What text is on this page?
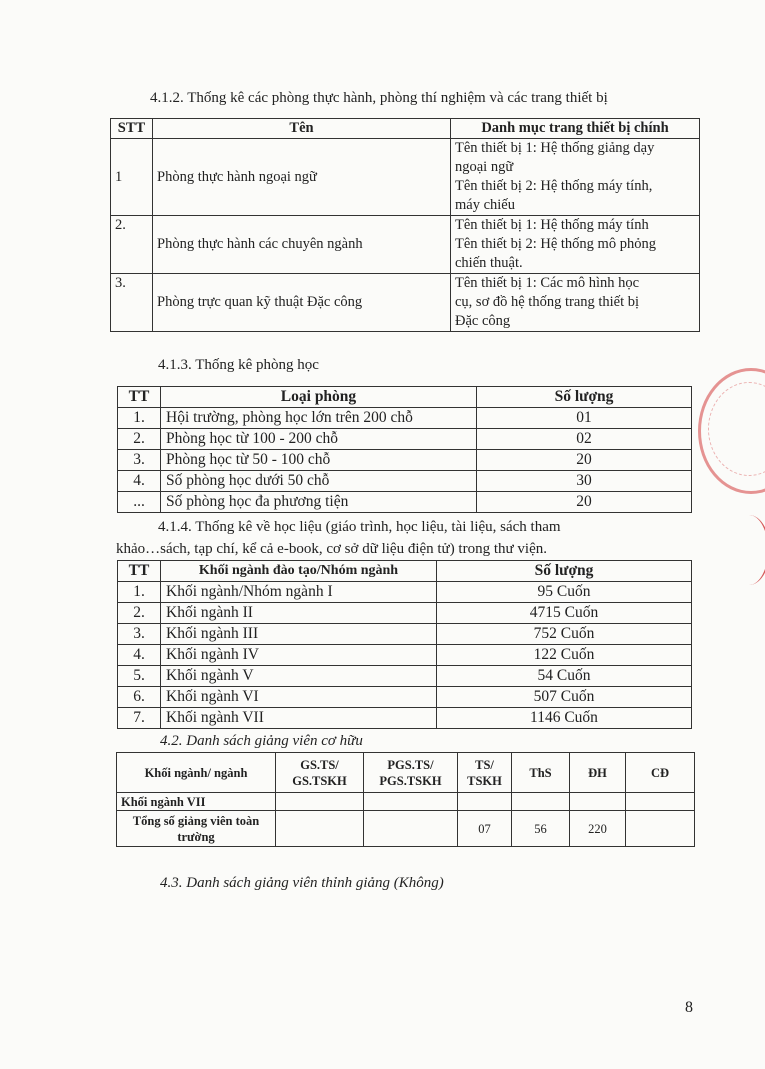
4.1.2. Thống kê các phòng thực hành, phòng thí nghiệm và các trang thiết bị
STT	Tên	Danh mục trang thiết bị chính
1	Phòng thực hành ngoại ngữ	Tên thiết bị 1: Hệ thống giảng dạy
ngoại ngữ
Tên thiết bị 2: Hệ thống máy tính,
máy chiếu

2.	Phòng thực hành các chuyên ngành	Tên thiết bị 1: Hệ thống máy tính
Tên thiết bị 2: Hệ thống mô phỏng
chiến thuật.

3.	Phòng trực quan kỹ thuật Đặc công	Tên thiết bị 1: Các mô hình học
cụ, sơ đồ hệ thống trang thiết bị
Đặc công
4.1.3. Thống kê phòng học
TT	Loại phòng	Số lượng
1.	Hội trường, phòng học lớn trên 200 chỗ	01
2.	Phòng học từ 100 - 200 chỗ	02
3.	Phòng học từ 50 - 100 chỗ	20
4.	Số phòng học dưới 50 chỗ	30
...	Số phòng học đa phương tiện	20
4.1.4. Thống kê về học liệu (giáo trình, học liệu, tài liệu, sách tham
khảo…sách, tạp chí, kể cả e-book, cơ sở dữ liệu điện tử) trong thư viện.
TT	Khối ngành đào tạo/Nhóm ngành	Số lượng
1.	Khối ngành/Nhóm ngành I	95 Cuốn
2.	Khối ngành II	4715 Cuốn
3.	Khối ngành III	752 Cuốn
4.	Khối ngành IV	122 Cuốn
5.	Khối ngành V	54 Cuốn
6.	Khối ngành VI	507 Cuốn
7.	Khối ngành VII	1146 Cuốn
4.2. Danh sách giảng viên cơ hữu
Khối ngành/ ngành	GS.TS/ GS.TSKH	PGS.TS/ PGS.TSKH	TS/ TSKH	ThS	ĐH	CĐ
Khối ngành VII						
Tổng số giảng viên toàn trường			07	56	220	
4.3. Danh sách giảng viên thỉnh giảng (Không)
8
